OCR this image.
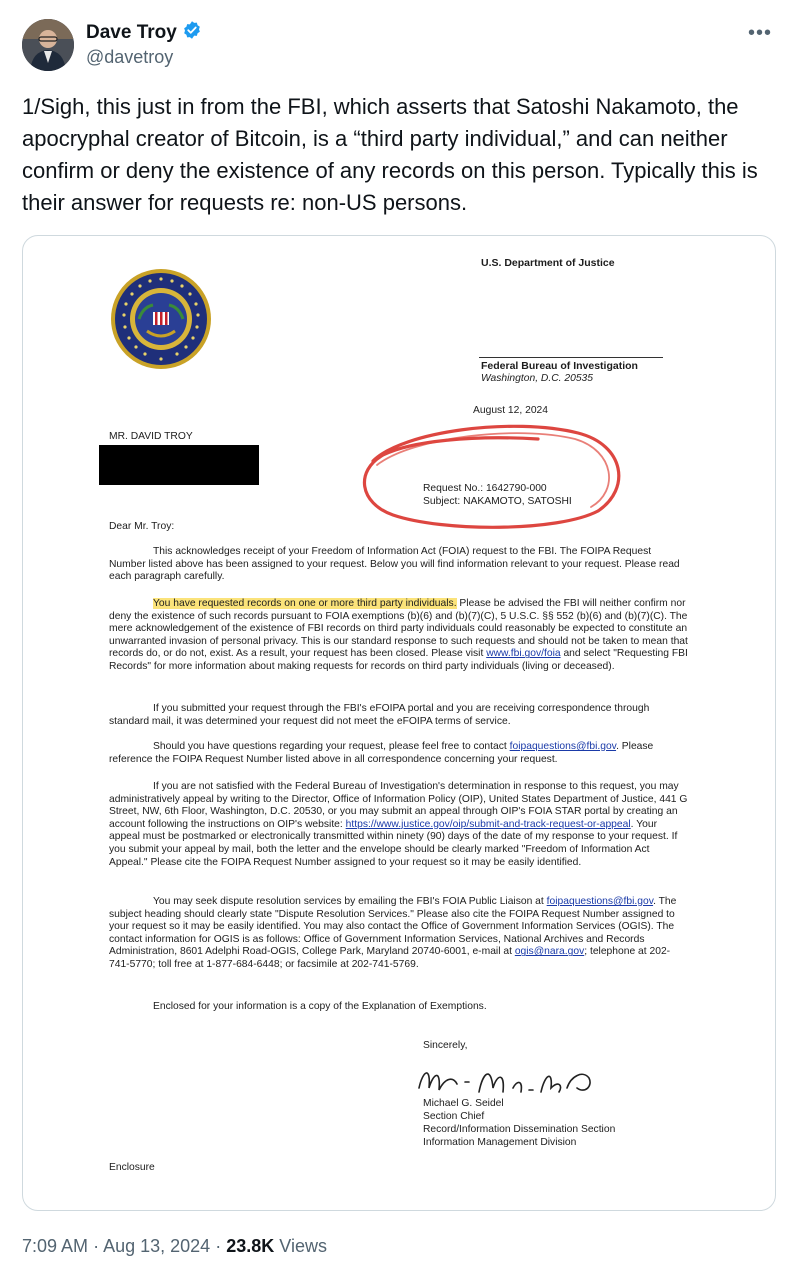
Dave Troy
@davetroy
•••
1/Sigh, this just in from the FBI, which asserts that Satoshi Nakamoto, the apocryphal creator of Bitcoin, is a “third party individual,” and can neither confirm or deny the existence of any records on this person. Typically this is their answer for requests re: non-US persons.
U.S. Department of Justice
Federal Bureau of Investigation
Washington, D.C. 20535
August 12, 2024
MR. DAVID TROY
Request No.: 1642790-000
Subject: NAKAMOTO, SATOSHI
Dear Mr. Troy:
This acknowledges receipt of your Freedom of Information Act (FOIA) request to the FBI. The FOIPA Request Number listed above has been assigned to your request. Below you will find information relevant to your request. Please read each paragraph carefully.
You have requested records on one or more third party individuals. Please be advised the FBI will neither confirm nor deny the existence of such records pursuant to FOIA exemptions (b)(6) and (b)(7)(C), 5 U.S.C. §§ 552 (b)(6) and (b)(7)(C). The mere acknowledgement of the existence of FBI records on third party individuals could reasonably be expected to constitute an unwarranted invasion of personal privacy. This is our standard response to such requests and should not be taken to mean that records do, or do not, exist. As a result, your request has been closed. Please visit www.fbi.gov/foia and select "Requesting FBI Records" for more information about making requests for records on third party individuals (living or deceased).
If you submitted your request through the FBI's eFOIPA portal and you are receiving correspondence through standard mail, it was determined your request did not meet the eFOIPA terms of service.
Should you have questions regarding your request, please feel free to contact foipaquestions@fbi.gov. Please reference the FOIPA Request Number listed above in all correspondence concerning your request.
If you are not satisfied with the Federal Bureau of Investigation's determination in response to this request, you may administratively appeal by writing to the Director, Office of Information Policy (OIP), United States Department of Justice, 441 G Street, NW, 6th Floor, Washington, D.C. 20530, or you may submit an appeal through OIP's FOIA STAR portal by creating an account following the instructions on OIP's website: https://www.justice.gov/oip/submit-and-track-request-or-appeal. Your appeal must be postmarked or electronically transmitted within ninety (90) days of the date of my response to your request. If you submit your appeal by mail, both the letter and the envelope should be clearly marked "Freedom of Information Act Appeal." Please cite the FOIPA Request Number assigned to your request so it may be easily identified.
You may seek dispute resolution services by emailing the FBI's FOIA Public Liaison at foipaquestions@fbi.gov. The subject heading should clearly state "Dispute Resolution Services." Please also cite the FOIPA Request Number assigned to your request so it may be easily identified. You may also contact the Office of Government Information Services (OGIS). The contact information for OGIS is as follows: Office of Government Information Services, National Archives and Records Administration, 8601 Adelphi Road-OGIS, College Park, Maryland 20740-6001, e-mail at ogis@nara.gov; telephone at 202-741-5770; toll free at 1-877-684-6448; or facsimile at 202-741-5769.
Enclosed for your information is a copy of the Explanation of Exemptions.
Sincerely,
Michael G. Seidel
Section Chief
Record/Information Dissemination Section
Information Management Division
Enclosure
7:09 AM · Aug 13, 2024 · 23.8K Views
